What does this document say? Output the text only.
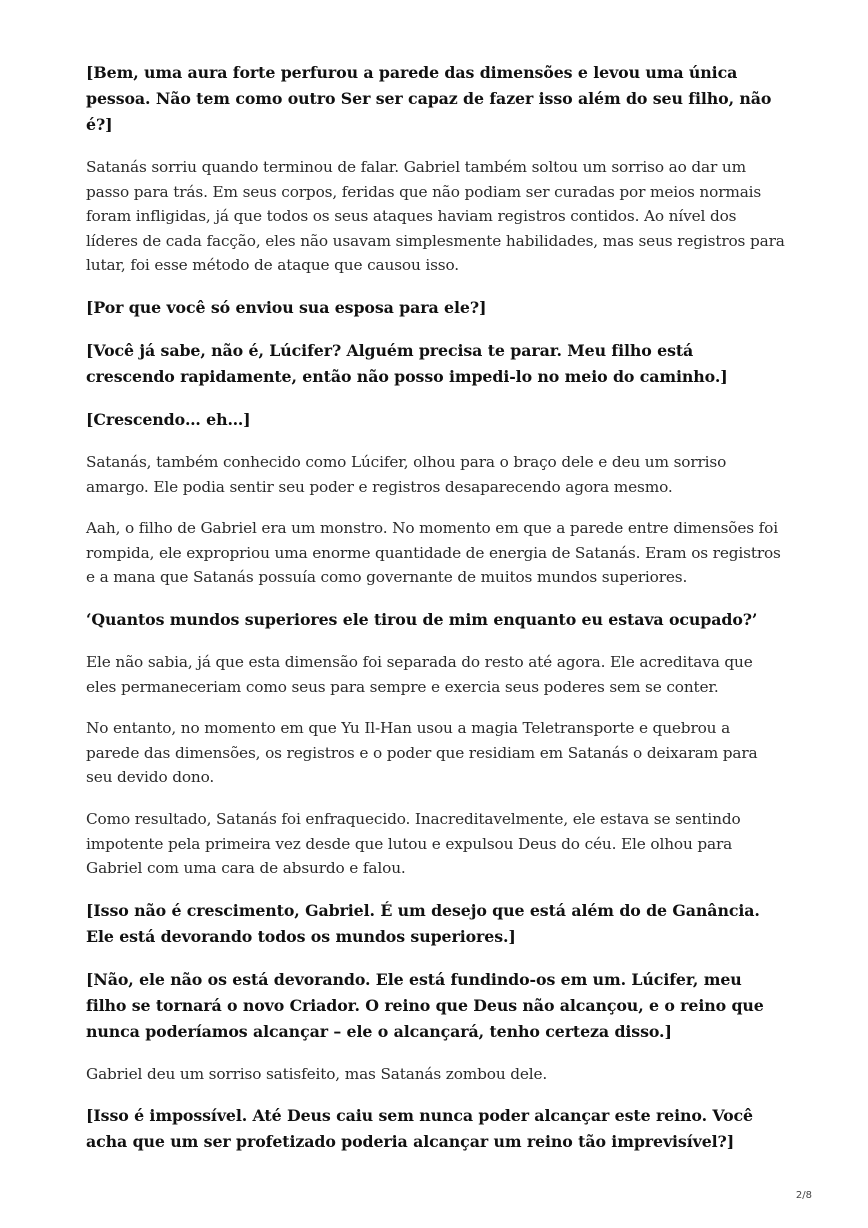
[Bem, uma aura forte perfurou a parede das dimensões e levou uma única pessoa. Não tem como outro Ser ser capaz de fazer isso além do seu filho, não é?]

Satanás sorriu quando terminou de falar. Gabriel também soltou um sorriso ao dar um passo para trás. Em seus corpos, feridas que não podiam ser curadas por meios normais foram infligidas, já que todos os seus ataques haviam registros contidos. Ao nível dos líderes de cada facção, eles não usavam simplesmente habilidades, mas seus registros para lutar, foi esse método de ataque que causou isso.

[Por que você só enviou sua esposa para ele?]

[Você já sabe, não é, Lúcifer? Alguém precisa te parar. Meu filho está crescendo rapidamente, então não posso impedi-lo no meio do caminho.]

[Crescendo… eh…]

Satanás, também conhecido como Lúcifer, olhou para o braço dele e deu um sorriso amargo. Ele podia sentir seu poder e registros desaparecendo agora mesmo.

Aah, o filho de Gabriel era um monstro. No momento em que a parede entre dimensões foi rompida, ele expropriou uma enorme quantidade de energia de Satanás. Eram os registros e a mana que Satanás possuía como governante de muitos mundos superiores.

‘Quantos mundos superiores ele tirou de mim enquanto eu estava ocupado?’

Ele não sabia, já que esta dimensão foi separada do resto até agora. Ele acreditava que eles permaneceriam como seus para sempre e exercia seus poderes sem se conter.

No entanto, no momento em que Yu Il-Han usou a magia Teletransporte e quebrou a parede das dimensões, os registros e o poder que residiam em Satanás o deixaram para seu devido dono.

Como resultado, Satanás foi enfraquecido. Inacreditavelmente, ele estava se sentindo impotente pela primeira vez desde que lutou e expulsou Deus do céu. Ele olhou para Gabriel com uma cara de absurdo e falou.

[Isso não é crescimento, Gabriel. É um desejo que está além do de Ganância. Ele está devorando todos os mundos superiores.]

[Não, ele não os está devorando. Ele está fundindo-os em um. Lúcifer, meu filho se tornará o novo Criador. O reino que Deus não alcançou, e o reino que nunca poderíamos alcançar – ele o alcançará, tenho certeza disso.]

Gabriel deu um sorriso satisfeito, mas Satanás zombou dele.

[Isso é impossível. Até Deus caiu sem nunca poder alcançar este reino. Você acha que um ser profetizado poderia alcançar um reino tão imprevisível?]

2/8
